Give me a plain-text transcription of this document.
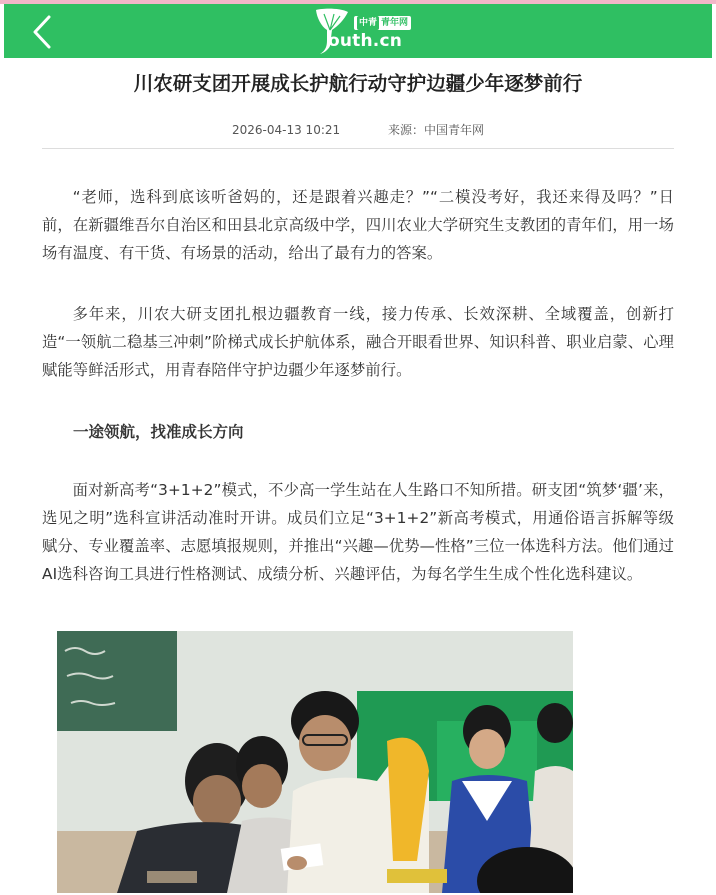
中青 青年网
outh.cn
川农研支团开展成长护航行动守护边疆少年逐梦前行
2026-04-13 10:21	来源：中国青年网

“老师，选科到底该听爸妈的，还是跟着兴趣走？”“二模没考好，我还来得及吗？”日前，在新疆维吾尔自治区和田县北京高级中学，四川农业大学研究生支教团的青年们，用一场场有温度、有干货、有场景的活动，给出了最有力的答案。

多年来，川农大研支团扎根边疆教育一线，接力传承、长效深耕、全域覆盖，创新打造“一领航二稳基三冲刺”阶梯式成长护航体系，融合开眼看世界、知识科普、职业启蒙、心理赋能等鲜活形式，用青春陪伴守护边疆少年逐梦前行。

一途领航，找准成长方向

面对新高考“3+1+2”模式，不少高一学生站在人生路口不知所措。研支团“筑梦‘疆’来，选见之明”选科宣讲活动准时开讲。成员们立足“3+1+2”新高考模式，用通俗语言拆解等级赋分、专业覆盖率、志愿填报规则，并推出“兴趣—优势—性格”三位一体选科方法。他们通过AI选科咨询工具进行性格测试、成绩分析、兴趣评估，为每名学生生成个性化选科建议。
